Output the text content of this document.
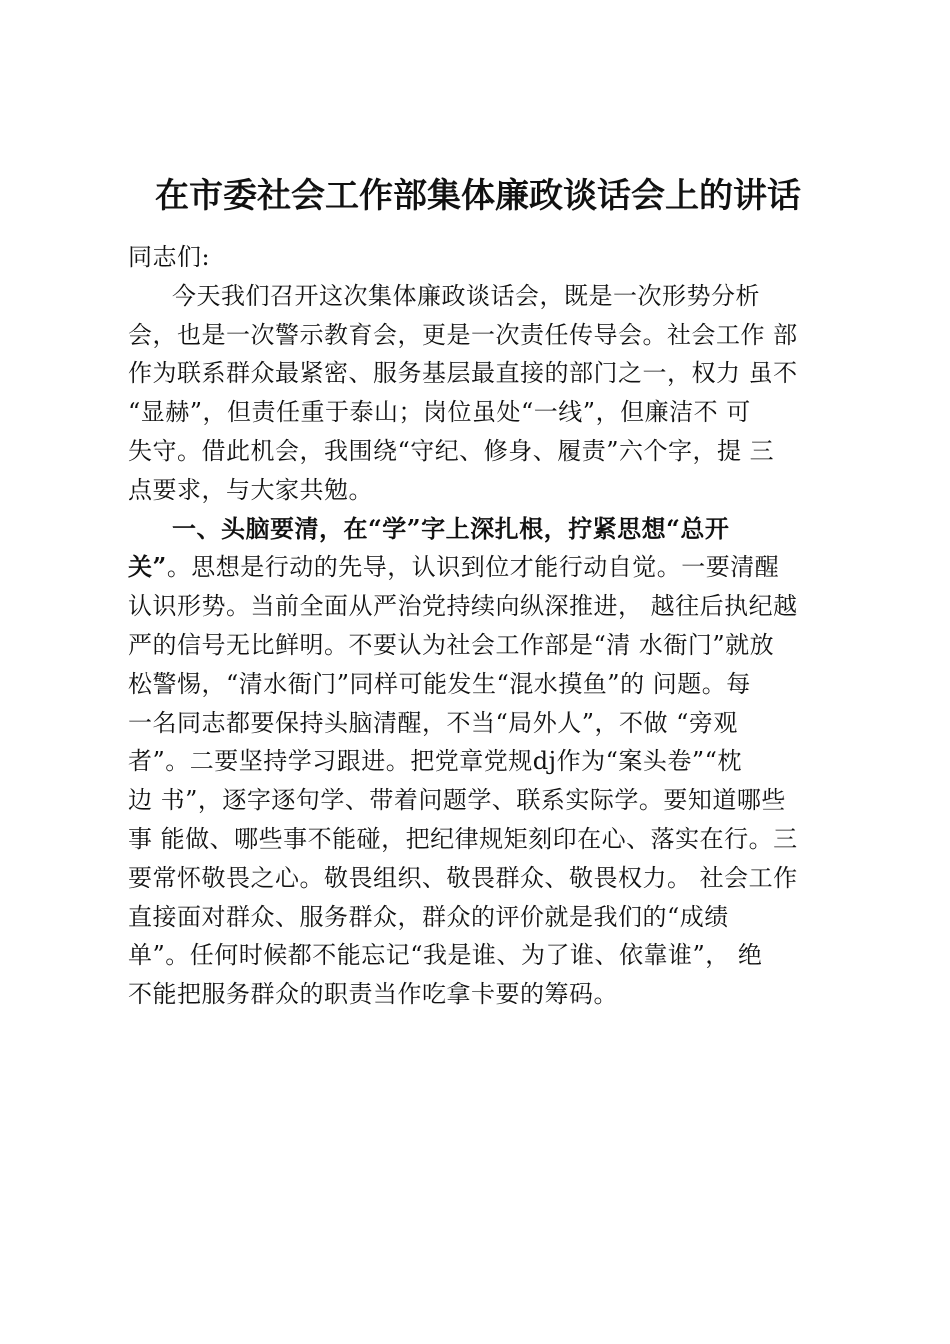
在市委社会工作部集体廉政谈话会上的讲话
同志们:
今天我们召开这次集体廉政谈话会，既是一次形势分析
会，也是一次警示教育会，更是一次责任传导会。社会工作 部
作为联系群众最紧密、服务基层最直接的部门之一，权力 虽不
“显赫”，但责任重于泰山；岗位虽处“一线”，但廉洁不 可
失守。借此机会，我围绕“守纪、修身、履责”六个字，提 三
点要求，与大家共勉。
一、头脑要清，在“学”字上深扎根，拧紧思想“总开
关”。思想是行动的先导，认识到位才能行动自觉。一要清醒
认识形势。当前全面从严治党持续向纵深推进， 越往后执纪越
严的信号无比鲜明。不要认为社会工作部是“清 水衙门”就放
松警惕，“清水衙门”同样可能发生“混水摸鱼”的 问题。每
一名同志都要保持头脑清醒，不当“局外人”，不做 “旁观
者”。二要坚持学习跟进。把党章党规dj作为“案头卷”“枕
边 书”，逐字逐句学、带着问题学、联系实际学。要知道哪些
事 能做、哪些事不能碰，把纪律规矩刻印在心、落实在行。三
要常怀敬畏之心。敬畏组织、敬畏群众、敬畏权力。 社会工作
直接面对群众、服务群众，群众的评价就是我们的“成绩
单”。任何时候都不能忘记“我是谁、为了谁、依靠谁”， 绝
不能把服务群众的职责当作吃拿卡要的筹码。
